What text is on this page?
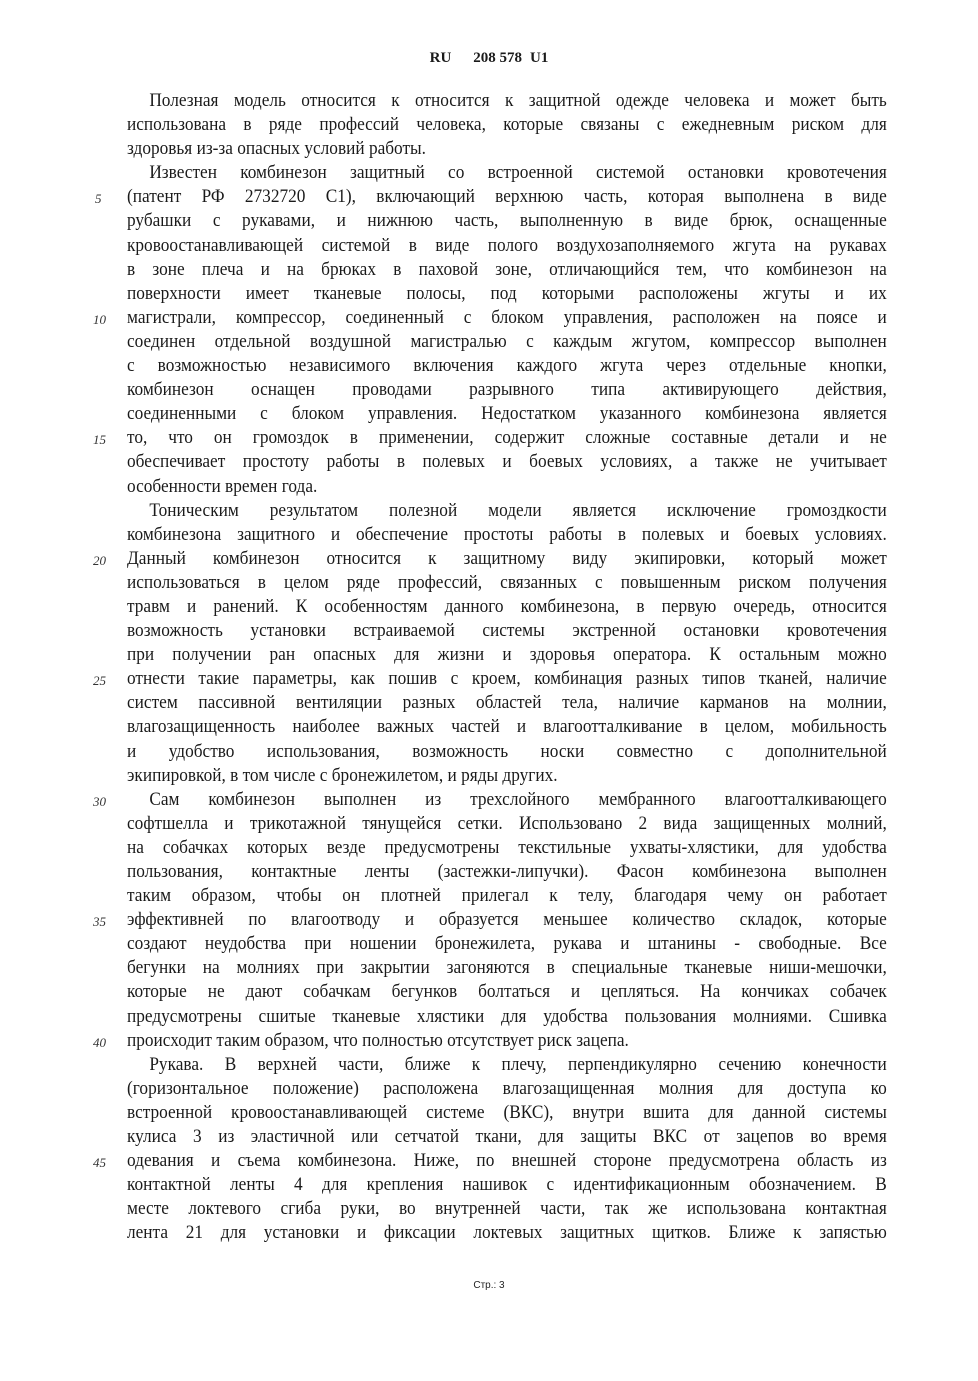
RU 208 578 U1
5
10
15
20
25
30
35
40
45
Полезная модель относится к относится к защитной одежде человека и может быть
использована в ряде профессий человека, которые связаны с ежедневным риском для
здоровья из-за опасных условий работы.
Известен комбинезон защитный со встроенной системой остановки кровотечения
(патент РФ 2732720 С1), включающий верхнюю часть, которая выполнена в виде
рубашки с рукавами, и нижнюю часть, выполненную в виде брюк, оснащенные
кровоостанавливающей системой в виде полого воздухозаполняемого жгута на рукавах
в зоне плеча и на брюках в паховой зоне, отличающийся тем, что комбинезон на
поверхности имеет тканевые полосы, под которыми расположены жгуты и их
магистрали, компрессор, соединенный с блоком управления, расположен на поясе и
соединен отдельной воздушной магистралью с каждым жгутом, компрессор выполнен
с возможностью независимого включения каждого жгута через отдельные кнопки,
комбинезон оснащен проводами разрывного типа активирующего действия,
соединенными с блоком управления. Недостатком указанного комбинезона является
то, что он громоздок в применении, содержит сложные составные детали и не
обеспечивает простоту работы в полевых и боевых условиях, а также не учитывает
особенности времен года.
Тоническим результатом полезной модели является исключение громоздкости
комбинезона защитного и обеспечение простоты работы в полевых и боевых условиях.
Данный комбинезон относится к защитному виду экипировки, который может
использоваться в целом ряде профессий, связанных с повышенным риском получения
травм и ранений. К особенностям данного комбинезона, в первую очередь, относится
возможность установки встраиваемой системы экстренной остановки кровотечения
при получении ран опасных для жизни и здоровья оператора. К остальным можно
отнести такие параметры, как пошив с кроем, комбинация разных типов тканей, наличие
систем пассивной вентиляции разных областей тела, наличие карманов на молнии,
влагозащищенность наиболее важных частей и влагоотталкивание в целом, мобильность
и удобство использования, возможность носки совместно с дополнительной
экипировкой, в том числе с бронежилетом, и ряды других.
Сам комбинезон выполнен из трехслойного мембранного влагоотталкивающего
софтшелла и трикотажной тянущейся сетки. Использовано 2 вида защищенных молний,
на собачках которых везде предусмотрены текстильные ухваты-хлястики, для удобства
пользования, контактные ленты (застежки-липучки). Фасон комбинезона выполнен
таким образом, чтобы он плотней прилегал к телу, благодаря чему он работает
эффективней по влагоотводу и образуется меньшее количество складок, которые
создают неудобства при ношении бронежилета, рукава и штанины - свободные. Все
бегунки на молниях при закрытии загоняются в специальные тканевые ниши-мешочки,
которые не дают собачкам бегунков болтаться и цепляться. На кончиках собачек
предусмотрены сшитые тканевые хлястики для удобства пользования молниями. Сшивка
происходит таким образом, что полностью отсутствует риск зацепа.
Рукава. В верхней части, ближе к плечу, перпендикулярно сечению конечности
(горизонтальное положение) расположена влагозащищенная молния для доступа ко
встроенной кровоостанавливающей системе (ВКС), внутри вшита для данной системы
кулиса 3 из эластичной или сетчатой ткани, для защиты ВКС от зацепов во время
одевания и съема комбинезона. Ниже, по внешней стороне предусмотрена область из
контактной ленты 4 для крепления нашивок с идентификационным обозначением. В
месте локтевого сгиба руки, во внутренней части, так же использована контактная
лента 21 для установки и фиксации локтевых защитных щитков. Ближе к запястью
Стр.: 3
